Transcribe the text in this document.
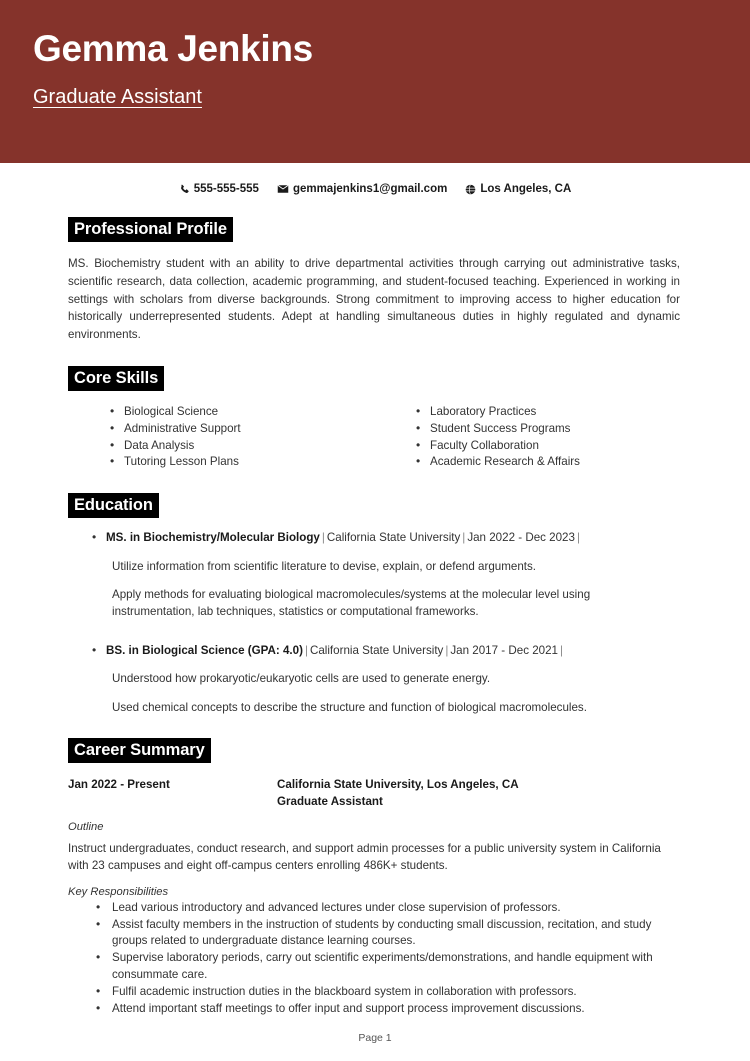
Gemma Jenkins
Graduate Assistant
555-555-555	gemmajenkins1@gmail.com	Los Angeles, CA
Professional Profile

MS. Biochemistry student with an ability to drive departmental activities through carrying out administrative tasks, scientific research, data collection, academic programming, and student-focused teaching. Experienced in working in settings with scholars from diverse backgrounds. Strong commitment to improving access to higher education for historically underrepresented students. Adept at handling simultaneous duties in highly regulated and dynamic environments.

Core Skills
• Biological Science
• Administrative Support
• Data Analysis
• Tutoring Lesson Plans
• Laboratory Practices
• Student Success Programs
• Faculty Collaboration
• Academic Research & Affairs
Education
• MS. in Biochemistry/Molecular Biology | California State University | Jan 2022 - Dec 2023 |

Utilize information from scientific literature to devise, explain, or defend arguments.

Apply methods for evaluating biological macromolecules/systems at the molecular level using instrumentation, lab techniques, statistics or computational frameworks.

• BS. in Biological Science (GPA: 4.0) | California State University | Jan 2017 - Dec 2021 |

Understood how prokaryotic/eukaryotic cells are used to generate energy.

Used chemical concepts to describe the structure and function of biological macromolecules.

Career Summary
Jan 2022 - Present	California State University, Los Angeles, CA
Graduate Assistant
Outline

Instruct undergraduates, conduct research, and support admin processes for a public university system in California with 23 campuses and eight off-campus centers enrolling 486K+ students.

Key Responsibilities
• Lead various introductory and advanced lectures under close supervision of professors.
• Assist faculty members in the instruction of students by conducting small discussion, recitation, and study groups related to undergraduate distance learning courses.
• Supervise laboratory periods, carry out scientific experiments/demonstrations, and handle equipment with consummate care.
• Fulfil academic instruction duties in the blackboard system in collaboration with professors.
• Attend important staff meetings to offer input and support process improvement discussions.
Page 1
